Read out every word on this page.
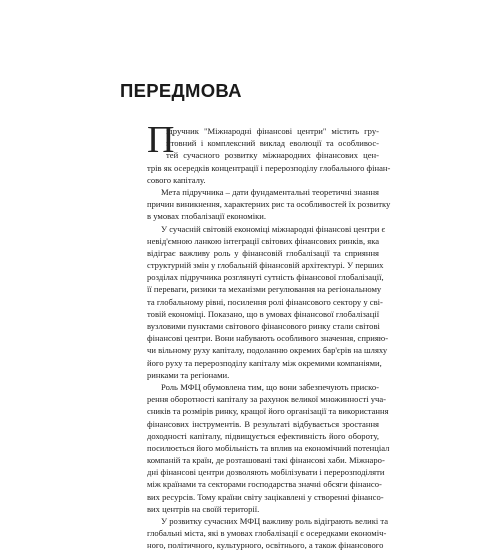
ПЕРЕДМОВА
П
ідручник "Міжнародні фінансові центри" містить гру-
нтовний і комплексний виклад еволюції та особливос-
тей сучасного розвитку міжнародних фінансових цен-
трів як осередків концентрації і перерозподілу глобального фінан-
сового капіталу.
Мета підручника – дати фундаментальні теоретичні знання
причин виникнення, характерних рис та особливостей їх розвитку
в умовах глобалізації економіки.
У сучасній світовій економіці міжнародні фінансові центри є
невід'ємною ланкою інтеграції світових фінансових ринків, яка
відіграє важливу роль у фінансовій глобалізації та сприяння
структурній змін у глобальній фінансовій архітектурі. У перших
розділах підручника розглянуті сутність фінансової глобалізації,
її переваги, ризики та механізми регулювання на регіональному
та глобальному рівні, посилення ролі фінансового сектору у сві-
товій економіці. Показано, що в умовах фінансової глобалізації
вузловими пунктами світового фінансового ринку стали світові
фінансові центри. Вони набувають особливого значення, сприяю-
чи вільному руху капіталу, подоланню окремих бар'єрів на шляху
його руху та перерозподілу капіталу між окремими компаніями,
ринками та регіонами.
Роль МФЦ обумовлена тим, що вони забезпечують приско-
рення оборотності капіталу за рахунок великої множинності уча-
сників та розмірів ринку, кращої його організації та використання
фінансових інструментів. В результаті відбувається зростання
доходності капіталу, підвищується ефективність його обороту,
посилюється його мобільність та вплив на економічний потенціал
компаній та країн, де розташовані такі фінансові хаби. Міжнаро-
дні фінансові центри дозволяють мобілізувати і перерозподіляти
між країнами та секторами господарства значні обсяги фінансо-
вих ресурсів. Тому країни світу зацікавлені у створенні фінансо-
вих центрів на своїй території.
У розвитку сучасних МФЦ важливу роль відіграють великі та
глобальні міста, які в умовах глобалізації є осередками економіч-
ного, політичного, культурного, освітнього, а також фінансового
